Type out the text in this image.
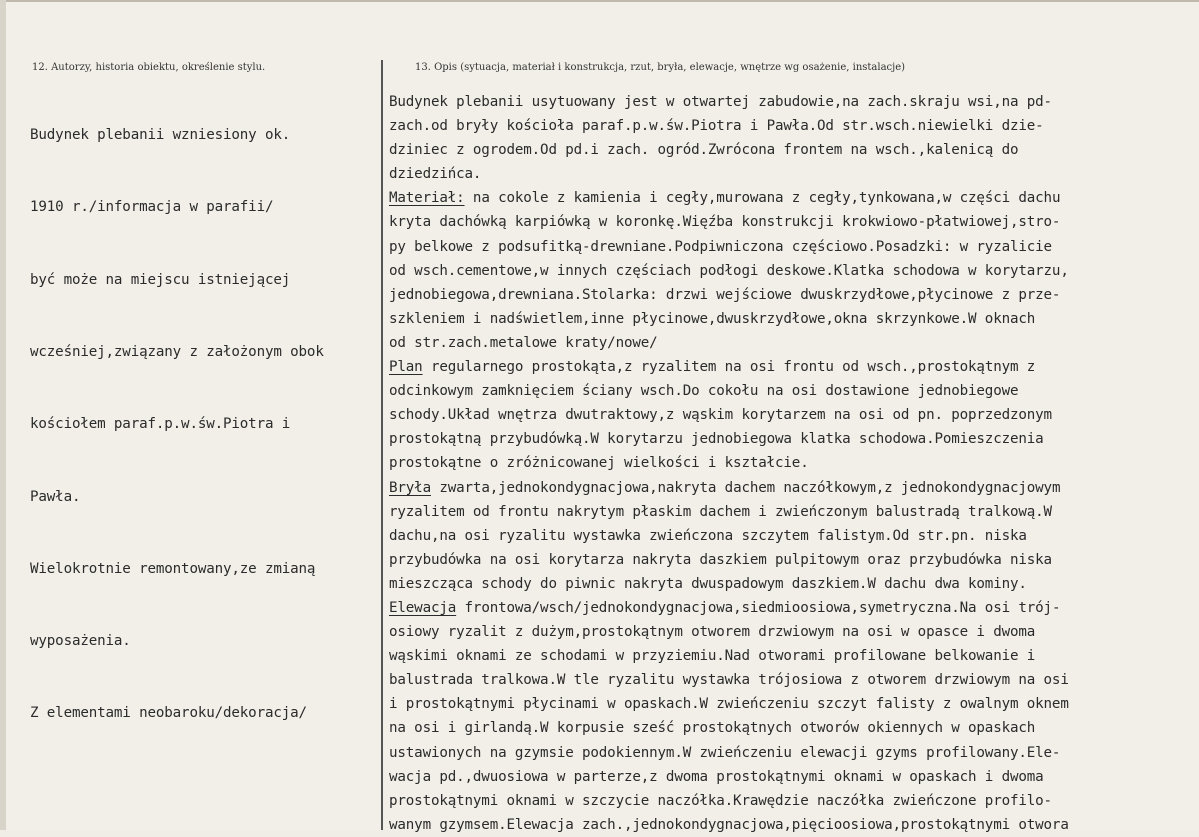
12. Autorzy, historia obiektu, określenie stylu.	13. Opis (sytuacja, materiał i konstrukcja, rzut, bryła, elewacje, wnętrze wg osażenie, instalacje)

Budynek plebanii wzniesiony ok.

1910 r./informacja w parafii/

być może na miejscu istniejącej

wcześniej,związany z założonym obok

kościołem paraf.p.w.św.Piotra i

Pawła.

Wielokrotnie remontowany,ze zmianą

wyposażenia.

Z elementami neobaroku/dekoracja/

Budynek plebanii usytuowany jest w otwartej zabudowie,na zach.skraju wsi,na pd-
zach.od bryły kościoła paraf.p.w.św.Piotra i Pawła.Od str.wsch.niewielki dzie-
dziniec z ogrodem.Od pd.i zach. ogród.Zwrócona frontem na wsch.,kalenicą do
dziedzińca.
Materiał: na cokole z kamienia i cegły,murowana z cegły,tynkowana,w części dachu
kryta dachówką karpiówką w koronkę.Więźba konstrukcji krokwiowo-płatwiowej,stro-
py belkowe z podsufitką-drewniane.Podpiwniczona częściowo.Posadzki: w ryzalicie
od wsch.cementowe,w innych częściach podłogi deskowe.Klatka schodowa w korytarzu,
jednobiegowa,drewniana.Stolarka: drzwi wejściowe dwuskrzydłowe,płycinowe z prze-
szkleniem i nadświetlem,inne płycinowe,dwuskrzydłowe,okna skrzynkowe.W oknach
od str.zach.metalowe kraty/nowe/
Plan regularnego prostokąta,z ryzalitem na osi frontu od wsch.,prostokątnym z
odcinkowym zamknięciem ściany wsch.Do cokołu na osi dostawione jednobiegowe
schody.Układ wnętrza dwutraktowy,z wąskim korytarzem na osi od pn. poprzedzonym
prostokątną przybudówką.W korytarzu jednobiegowa klatka schodowa.Pomieszczenia
prostokątne o zróżnicowanej wielkości i kształcie.
Bryła zwarta,jednokondygnacjowa,nakryta dachem naczółkowym,z jednokondygnacjowym
ryzalitem od frontu nakrytym płaskim dachem i zwieńczonym balustradą tralkową.W
dachu,na osi ryzalitu wystawka zwieńczona szczytem falistym.Od str.pn. niska
przybudówka na osi korytarza nakryta daszkiem pulpitowym oraz przybudówka niska
mieszcząca schody do piwnic nakryta dwuspadowym daszkiem.W dachu dwa kominy.
Elewacja frontowa/wsch/jednokondygnacjowa,siedmioosiowa,symetryczna.Na osi trój-
osiowy ryzalit z dużym,prostokątnym otworem drzwiowym na osi w opasce i dwoma
wąskimi oknami ze schodami w przyziemiu.Nad otworami profilowane belkowanie i
balustrada tralkowa.W tle ryzalitu wystawka trójosiowa z otworem drzwiowym na osi
i prostokątnymi płycinami w opaskach.W zwieńczeniu szczyt falisty z owalnym oknem
na osi i girlandą.W korpusie sześć prostokątnych otworów okiennych w opaskach
ustawionych na gzymsie podokiennym.W zwieńczeniu elewacji gzyms profilowany.Ele-
wacja pd.,dwuosiowa w parterze,z dwoma prostokątnymi oknami w opaskach i dwoma
prostokątnymi oknami w szczycie naczółka.Krawędzie naczółka zwieńczone profilo-
wanym gzymsem.Elewacja zach.,jednokondygnacjowa,pięcioosiowa,prostokątnymi otwora
